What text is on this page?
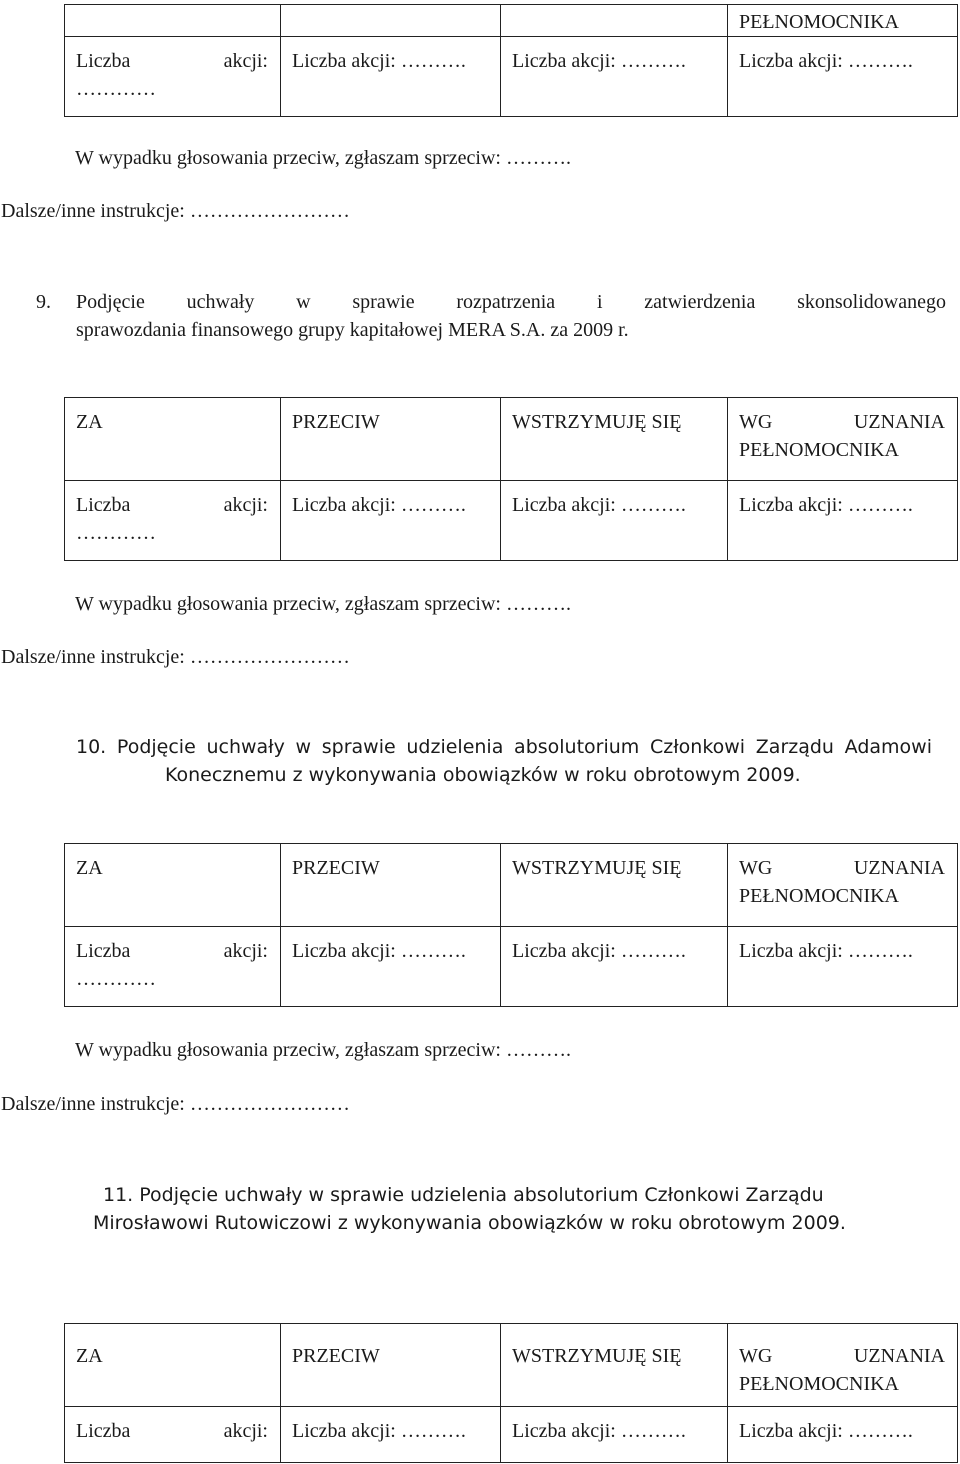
			PEŁNOMOCNIKA

Liczba akcji:
…………	Liczba akcji: ……….	Liczba akcji: ……….	Liczba akcji: ……….
W wypadku głosowania przeciw, zgłaszam sprzeciw: ……….
Dalsze/inne instrukcje: ……………………
9. Podjęcie uchwały w sprawie rozpatrzenia i zatwierdzenia skonsolidowanego
sprawozdania finansowego grupy kapitałowej MERA S.A. za 2009 r.
ZA	PRZECIW	WSTRZYMUJĘ SIĘ	WG UZNANIA
PEŁNOMOCNIKA

Liczba akcji:
…………	Liczba akcji: ……….	Liczba akcji: ……….	Liczba akcji: ……….
W wypadku głosowania przeciw, zgłaszam sprzeciw: ……….
Dalsze/inne instrukcje: ……………………
10. Podjęcie uchwały w sprawie udzielenia absolutorium Członkowi Zarządu Adamowi
Konecznemu z wykonywania obowiązków w roku obrotowym 2009.
ZA	PRZECIW	WSTRZYMUJĘ SIĘ	WG UZNANIA
PEŁNOMOCNIKA

Liczba akcji:
…………	Liczba akcji: ……….	Liczba akcji: ……….	Liczba akcji: ……….
W wypadku głosowania przeciw, zgłaszam sprzeciw: ……….
Dalsze/inne instrukcje: ……………………
11. Podjęcie uchwały w sprawie udzielenia absolutorium Członkowi Zarządu
Mirosławowi Rutowiczowi z wykonywania obowiązków w roku obrotowym 2009.
ZA	PRZECIW	WSTRZYMUJĘ SIĘ	WG UZNANIA
PEŁNOMOCNIKA

Liczba akcji:	Liczba akcji: ……….	Liczba akcji: ……….	Liczba akcji: ……….
